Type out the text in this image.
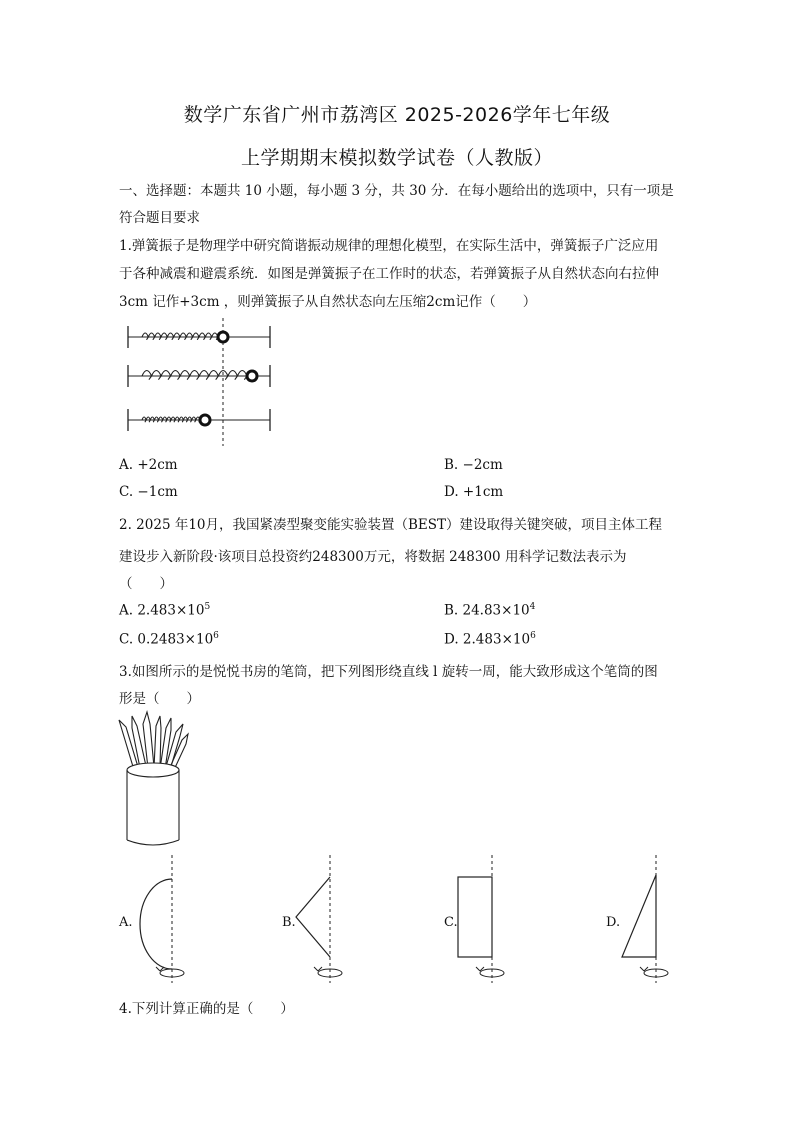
数学广东省广州市荔湾区 2025-2026学年七年级
上学期期末模拟数学试卷（人教版）
一、选择题：本题共 10 小题，每小题 3 分，共 30 分．在每小题给出的选项中，只有一项是
符合题目要求
1.弹簧振子是物理学中研究简谐振动规律的理想化模型，在实际生活中，弹簧振子广泛应用
于各种减震和避震系统．如图是弹簧振子在工作时的状态，若弹簧振子从自然状态向右拉伸
3cm 记作+3cm ，则弹簧振子从自然状态向左压缩2cm记作（　　）
A. +2cm	B. −2cm
C. −1cm	D. +1cm
2. 2025 年10月，我国紧凑型聚变能实验装置（BEST）建设取得关键突破，项目主体工程
建设步入新阶段·该项目总投资约248300万元，将数据 248300 用科学记数法表示为
（　　）
A. $2.483\times 10^5$	B. $24.83\times 10^4$
C. $0.2483\times 10^6$	D. $2.483\times 10^6$
3.如图所示的是悦悦书房的笔筒，把下列图形绕直线 l 旋转一周，能大致形成这个笔筒的图
形是（　　）
A.	B.	C.	D.
4.下列计算正确的是（　　）
